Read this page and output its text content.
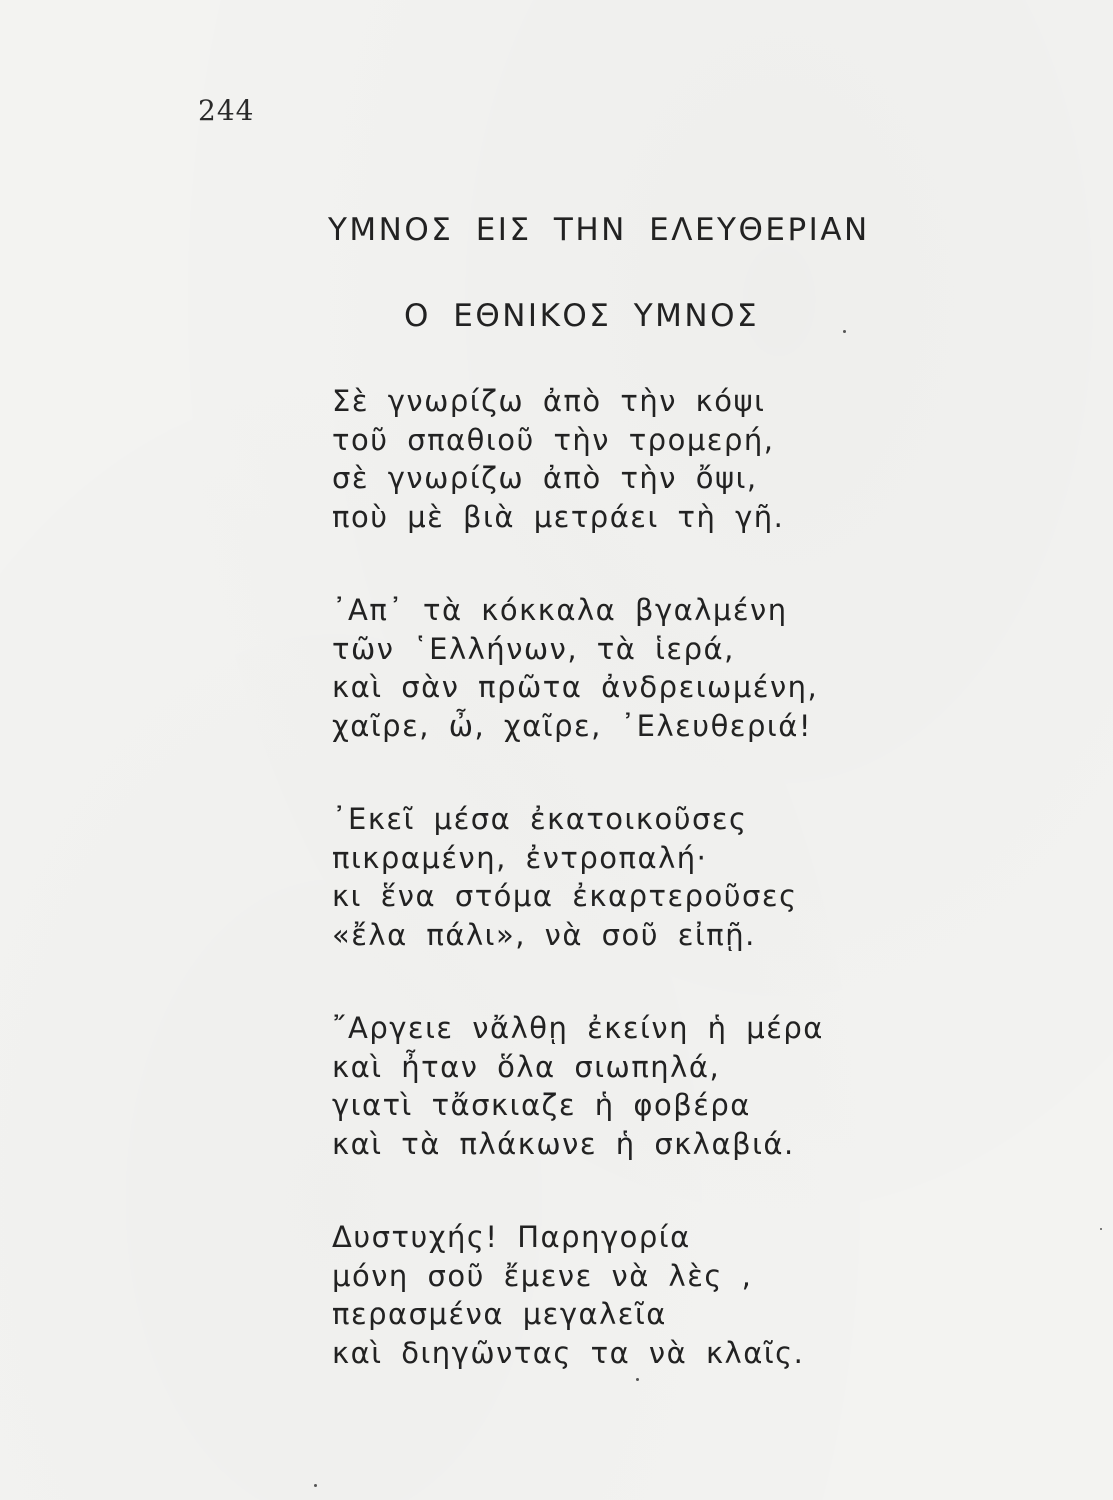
244
ΥΜΝΟΣ ΕΙΣ ΤΗΝ ΕΛΕΥΘΕΡΙΑΝ
Ο ΕΘΝΙΚΟΣ ΥΜΝΟΣ
Σὲ γνωρίζω ἀπὸ τὴν κόψι
τοῦ σπαθιοῦ τὴν τρομερή,
σὲ γνωρίζω ἀπὸ τὴν ὄψι,
ποὺ μὲ βιὰ μετράει τὴ γῆ.
᾿Απ᾿ τὰ κόκκαλα βγαλμένη
τῶν ῾Ελλήνων, τὰ ἱερά,
καὶ σὰν πρῶτα ἀνδρειωμένη,
χαῖρε, ὦ, χαῖρε, ᾿Ελευθεριά!
᾿Εκεῖ μέσα ἐκατοικοῦσες
πικραμένη, ἐντροπαλή·
κι ἕνα στόμα ἐκαρτεροῦσες
«ἔλα πάλι», νὰ σοῦ εἰπῇ.
῎Αργειε νἄλθῃ ἐκείνη ἡ μέρα
καὶ ἦταν ὅλα σιωπηλά,
γιατὶ τἄσκιαζε ἡ φοβέρα
καὶ τὰ πλάκωνε ἡ σκλαβιά.
Δυστυχής! Παρηγορία
μόνη σοῦ ἔμενε νὰ λὲς ,
περασμένα μεγαλεῖα
καὶ διηγῶντας τα νὰ κλαῖς.
